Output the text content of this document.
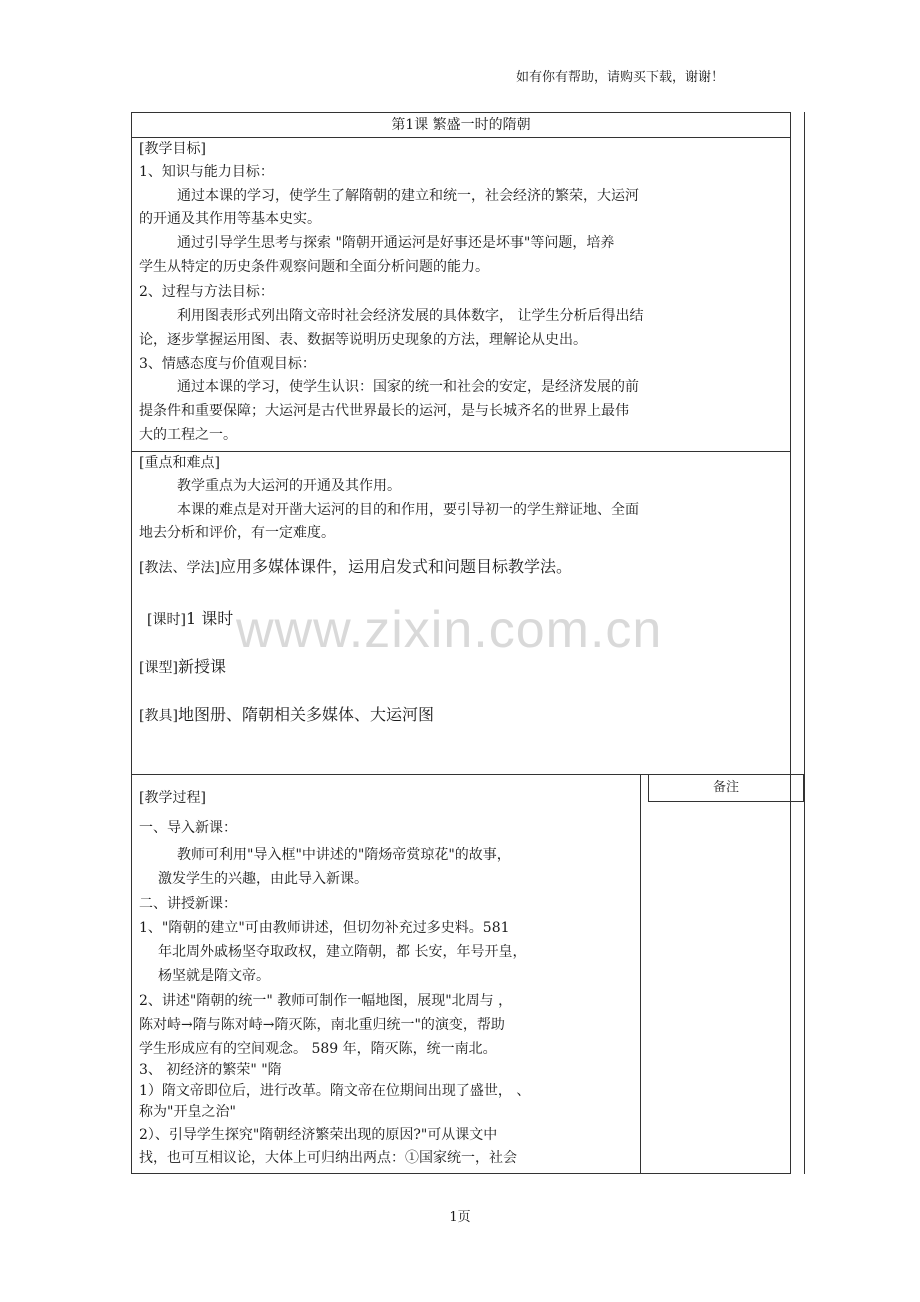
如有你有帮助，请购买下载，谢谢！
www.zixin.com.cn
第1课 繁盛一时的隋朝
备注
[教学目标]
1、知识与能力目标：
通过本课的学习，使学生了解隋朝的建立和统一，社会经济的繁荣，大运河
的开通及其作用等基本史实。
通过引导学生思考与探索 "隋朝开通运河是好事还是坏事"等问题，培养
学生从特定的历史条件观察问题和全面分析问题的能力。
2、过程与方法目标：
利用图表形式列出隋文帝时社会经济发展的具体数字， 让学生分析后得出结
论，逐步掌握运用图、表、数据等说明历史现象的方法，理解论从史出。
3、情感态度与价值观目标：
通过本课的学习，使学生认识：国家的统一和社会的安定，是经济发展的前
提条件和重要保障；大运河是古代世界最长的运河，是与长城齐名的世界上最伟
大的工程之一。
[重点和难点]
教学重点为大运河的开通及其作用。
本课的难点是对开凿大运河的目的和作用，要引导初一的学生辩证地、全面
地去分析和评价，有一定难度。
[教法、学法]应用多媒体课件，运用启发式和问题目标教学法。
[课时]1 课时
[课型]新授课
[教具]地图册、隋朝相关多媒体、大运河图
[教学过程]
一、导入新课：
教师可利用"导入框"中讲述的"隋炀帝赏琼花"的故事，
激发学生的兴趣，由此导入新课。
二、讲授新课：
1、"隋朝的建立"可由教师讲述，但切勿补充过多史料。581
年北周外戚杨坚夺取政权，建立隋朝，都 长安，年号开皇，
杨坚就是隋文帝。
2、讲述"隋朝的统一" 教师可制作一幅地图，展现"北周与 ，
陈对峙→隋与陈对峙→隋灭陈，南北重归统一"的演变，帮助
学生形成应有的空间观念。 589 年，隋灭陈，统一南北。
3、 初经济的繁荣" "隋
1）隋文帝即位后，进行改革。隋文帝在位期间出现了盛世， 、
称为"开皇之治"
2）、引导学生探究"隋朝经济繁荣出现的原因?"可从课文中
找，也可互相议论，大体上可归纳出两点：①国家统一，社会
1页
